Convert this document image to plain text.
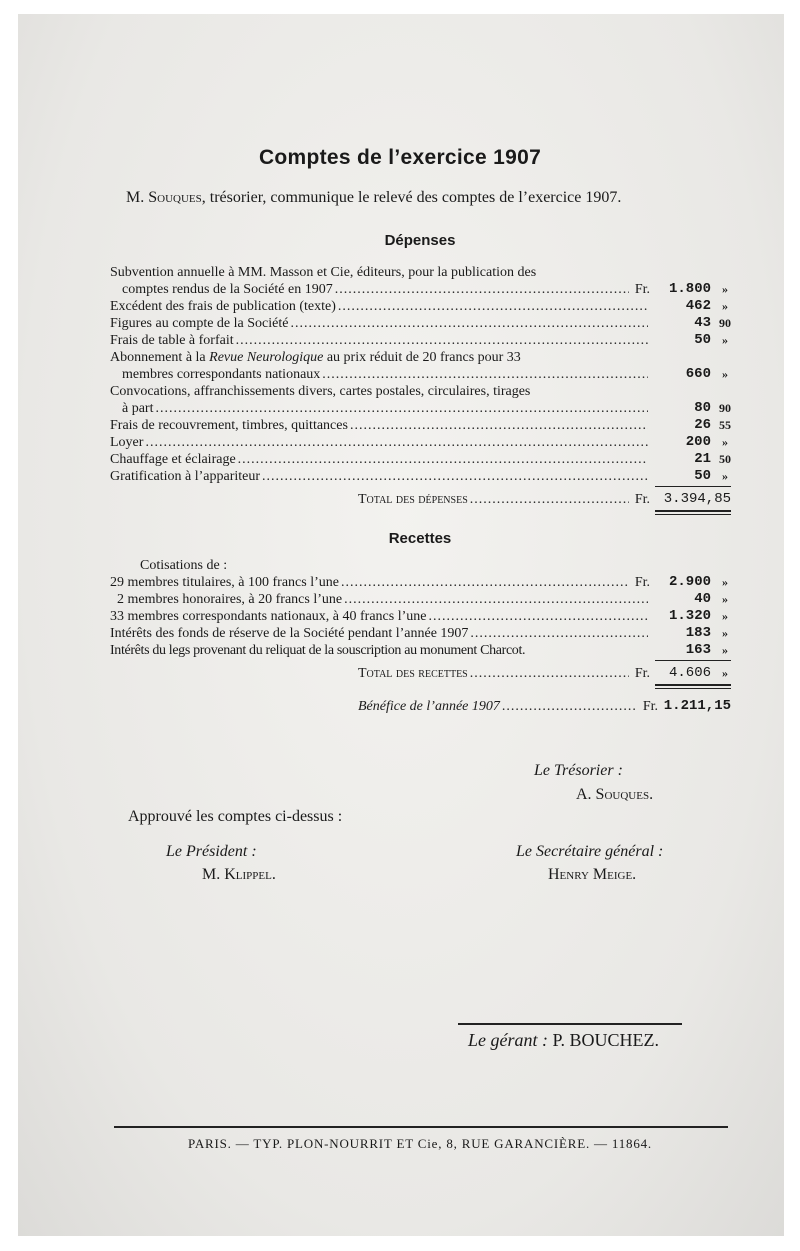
Comptes de l’exercice 1907
M. Souques, trésorier, communique le relevé des comptes de l’exercice 1907.
Dépenses
Subvention annuelle à MM. Masson et Cie, éditeurs, pour la publication des
comptes rendus de la Société en 1907 .....	Fr.	1.800 »
Excédent des frais de publication (texte) .....	462 »
Figures au compte de la Société .....	43 90
Frais de table à forfait .....	50 »
Abonnement à la Revue Neurologique au prix réduit de 20 francs pour 33
membres correspondants nationaux .....	660 »
Convocations, affranchissements divers, cartes postales, circulaires, tirages
à part .....	80 90
Frais de recouvrement, timbres, quittances .....	26 55
Loyer .....	200 »
Chauffage et éclairage .....	21 50
Gratification à l’appariteur .....	50 »
Total des dépenses .....	Fr. 3.394,85
Recettes
Cotisations de :
29 membres titulaires, à 100 francs l’une .....	Fr.	2.900 »
2 membres honoraires, à 20 francs l’une .....	40 »
33 membres correspondants nationaux, à 40 francs l’une .....	1.320 »
Intérêts des fonds de réserve de la Société pendant l’année 1907 .....	183 »
Intérêts du legs provenant du reliquat de la souscription au monument Charcot.	163 »
Total des recettes .....	Fr.	4.606 »
Bénéfice de l’année 1907 .....	Fr. 1.211,15
Le Trésorier :
A. Souques.
Approuvé les comptes ci-dessus :
Le Président :
M. Klippel.
Le Secrétaire général :
Henry Meige.
Le gérant : P. BOUCHEZ.
PARIS. — TYP. PLON-NOURRIT ET Cie, 8, RUE GARANCIÈRE. — 11864.
